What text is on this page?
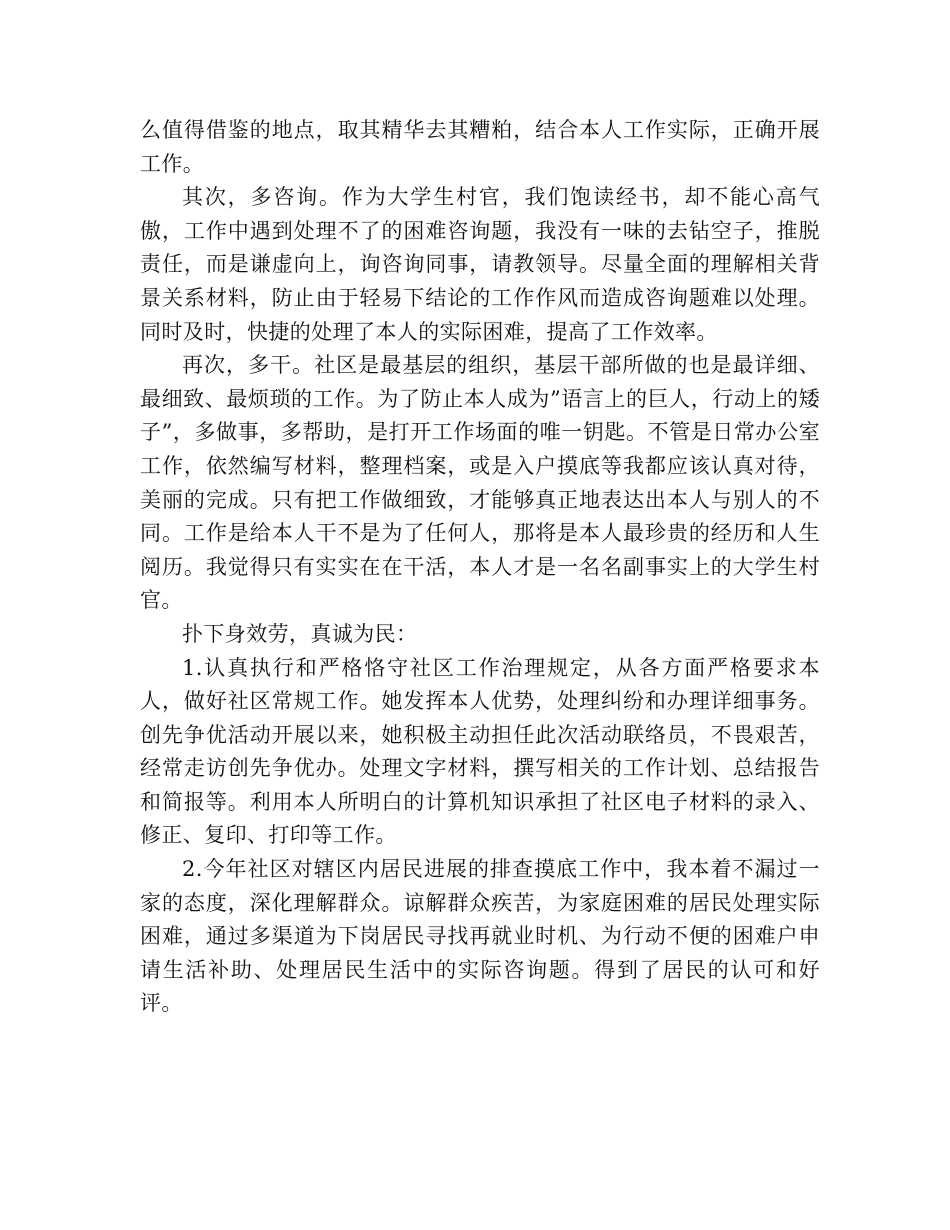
么值得借鉴的地点，取其精华去其糟粕，结合本人工作实际，正确开展工作。

其次，多咨询。作为大学生村官，我们饱读经书，却不能心高气傲，工作中遇到处理不了的困难咨询题，我没有一味的去钻空子，推脱责任，而是谦虚向上，询咨询同事，请教领导。尽量全面的理解相关背景关系材料，防止由于轻易下结论的工作作风而造成咨询题难以处理。同时及时，快捷的处理了本人的实际困难，提高了工作效率。

再次，多干。社区是最基层的组织，基层干部所做的也是最详细、最细致、最烦琐的工作。为了防止本人成为”语言上的巨人，行动上的矮子”，多做事，多帮助，是打开工作场面的唯一钥匙。不管是日常办公室工作，依然编写材料，整理档案，或是入户摸底等我都应该认真对待，美丽的完成。只有把工作做细致，才能够真正地表达出本人与别人的不同。工作是给本人干不是为了任何人，那将是本人最珍贵的经历和人生阅历。我觉得只有实实在在干活，本人才是一名名副事实上的大学生村官。

扑下身效劳，真诚为民：

1.认真执行和严格恪守社区工作治理规定，从各方面严格要求本人，做好社区常规工作。她发挥本人优势，处理纠纷和办理详细事务。创先争优活动开展以来，她积极主动担任此次活动联络员，不畏艰苦，经常走访创先争优办。处理文字材料，撰写相关的工作计划、总结报告和简报等。利用本人所明白的计算机知识承担了社区电子材料的录入、修正、复印、打印等工作。

2.今年社区对辖区内居民进展的排查摸底工作中，我本着不漏过一家的态度，深化理解群众。谅解群众疾苦，为家庭困难的居民处理实际困难，通过多渠道为下岗居民寻找再就业时机、为行动不便的困难户申请生活补助、处理居民生活中的实际咨询题。得到了居民的认可和好评。
